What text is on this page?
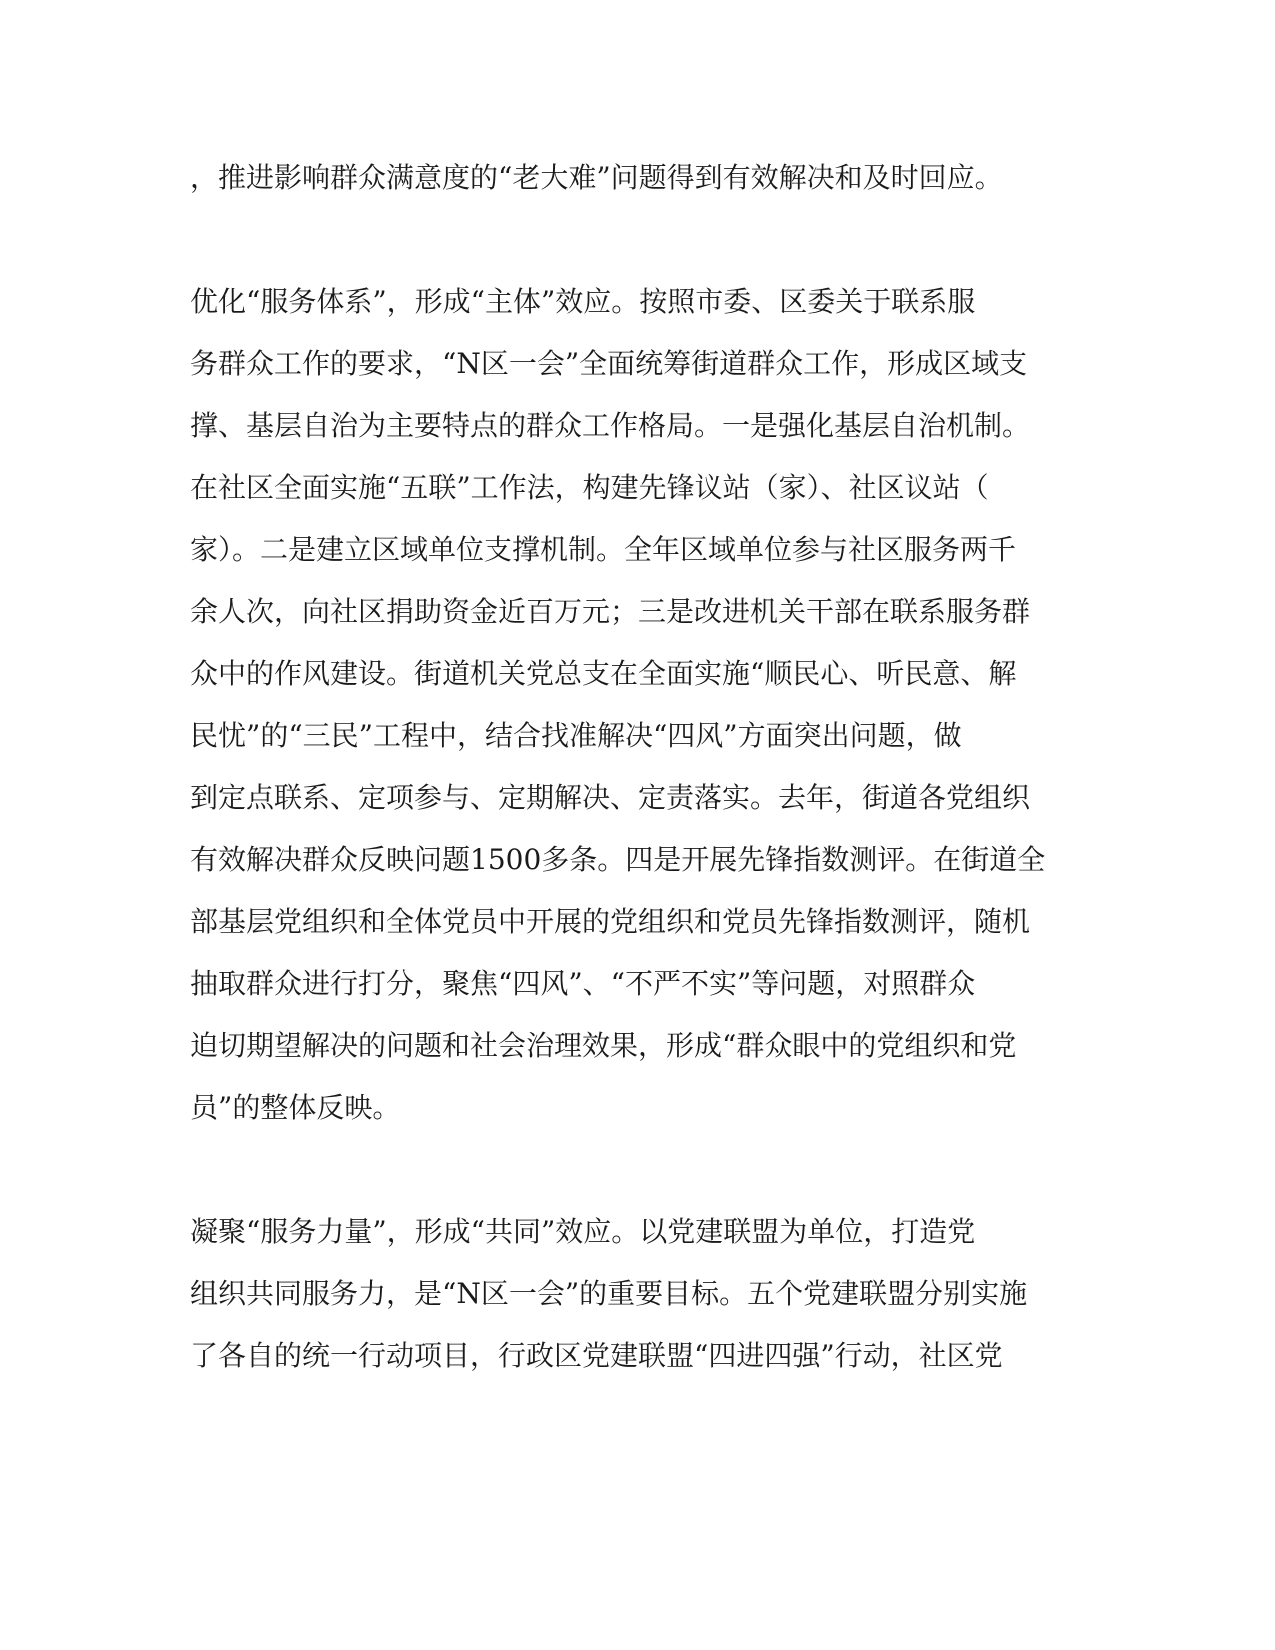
，推进影响群众满意度的“老大难”问题得到有效解决和及时回应。

优化“服务体系”，形成“主体”效应。按照市委、区委关于联系服

务群众工作的要求，“N区一会”全面统筹街道群众工作，形成区域支

撑、基层自治为主要特点的群众工作格局。一是强化基层自治机制。

在社区全面实施“五联”工作法，构建先锋议站（家）、社区议站（

家）。二是建立区域单位支撑机制。全年区域单位参与社区服务两千

余人次，向社区捐助资金近百万元；三是改进机关干部在联系服务群

众中的作风建设。街道机关党总支在全面实施“顺民心、听民意、解

民忧”的“三民”工程中，结合找准解决“四风”方面突出问题，做

到定点联系、定项参与、定期解决、定责落实。去年，街道各党组织

有效解决群众反映问题1500多条。四是开展先锋指数测评。在街道全

部基层党组织和全体党员中开展的党组织和党员先锋指数测评，随机

抽取群众进行打分，聚焦“四风”、“不严不实”等问题，对照群众

迫切期望解决的问题和社会治理效果，形成“群众眼中的党组织和党

员”的整体反映。

凝聚“服务力量”，形成“共同”效应。以党建联盟为单位，打造党

组织共同服务力，是“N区一会”的重要目标。五个党建联盟分别实施

了各自的统一行动项目，行政区党建联盟“四进四强”行动，社区党
